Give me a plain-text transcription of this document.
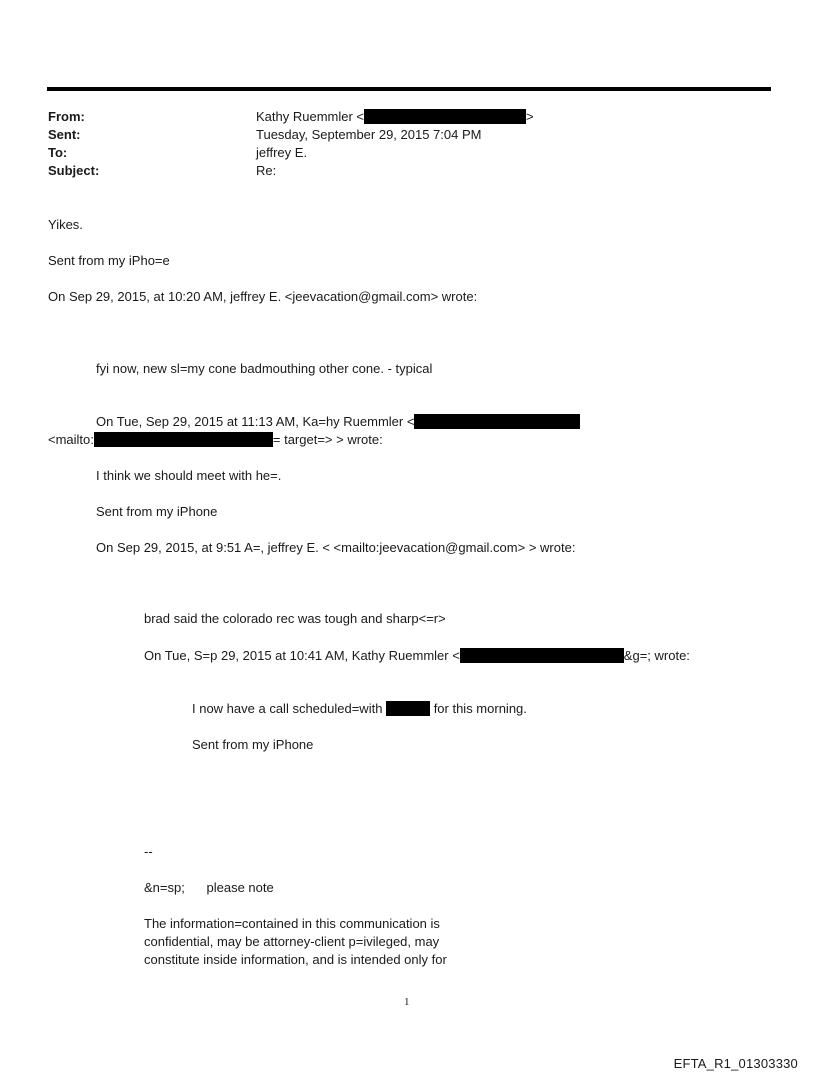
From:	Kathy Ruemmler <	>
Sent:	Tuesday, September 29, 2015 7:04 PM
To:	jeffrey E.
Subject:	Re:
Yikes.
Sent from my iPho=e
On Sep 29, 2015, at 10:20 AM, jeffrey E. <jeevacation@gmail.com> wrote:
fyi now, new sl=my cone badmouthing other cone. - typical
On Tue, Sep 29, 2015 at 11:13 AM, Ka=hy Ruemmler <
<mailto:	= target=> > wrote:
I think we should meet with he=.
Sent from my iPhone
On Sep 29, 2015, at 9:51 A=, jeffrey E. < <mailto:jeevacation@gmail.com> > wrote:
brad said the colorado rec was tough and sharp<=r>
On Tue, S=p 29, 2015 at 10:41 AM, Kathy Ruemmler <	&g=; wrote:
I now have a call scheduled=with	for this morning.
Sent from my iPhone
--
&n=sp;      please note
The information=contained in this communication is
confidential, may be attorney-client p=ivileged, may
constitute inside information, and is intended only for
1
EFTA_R1_01303330
